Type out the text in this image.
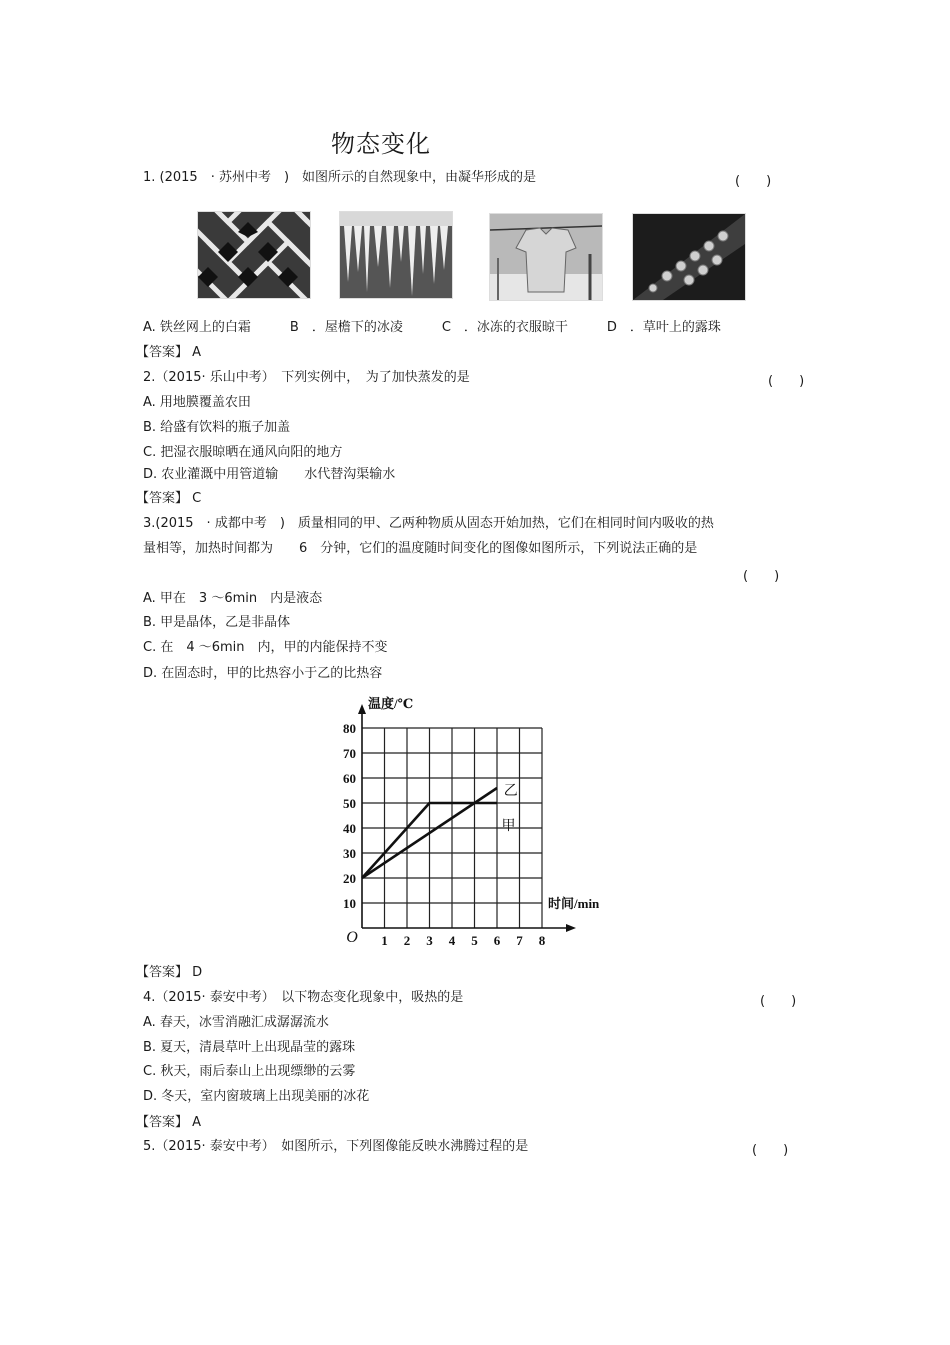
物态变化
1. (2015　· 苏州中考　)　如图所示的自然现象中，由凝华形成的是	(　　)
A. 铁丝网上的白霜　　　B　．屋檐下的冰凌　　　C　．冰冻的衣服晾干　　　D　．草叶上的露珠
【答案】 A
2.（2015· 乐山中考）　下列实例中，　为了加快蒸发的是	(　　)
A. 用地膜覆盖农田
B. 给盛有饮料的瓶子加盖
C. 把湿衣服晾晒在通风向阳的地方
D. 农业灌溉中用管道输　　水代替沟渠输水
【答案】 C
3.(2015　· 成都中考　)　质量相同的甲、乙两种物质从固态开始加热，它们在相同时间内吸收的热
量相等，加热时间都为　　6　分钟，它们的温度随时间变化的图像如图所示，下列说法正确的是
(　　)
A. 甲在　3 ～6min　内是液态
B. 甲是晶体，乙是非晶体
C. 在　4 ～6min　内，甲的内能保持不变
D. 在固态时，甲的比热容小于乙的比热容
1 2 3 4 5 6 7 8
10
20
30
40
50
60
70
80
O
温度/℃
时间/min
甲
乙
【答案】 D
4.（2015· 泰安中考）　以下物态变化现象中，吸热的是	(　　)
A. 春天，冰雪消融汇成潺潺流水
B. 夏天，清晨草叶上出现晶莹的露珠
C. 秋天，雨后泰山上出现缥缈的云雾
D. 冬天，室内窗玻璃上出现美丽的冰花
【答案】 A
5.（2015· 泰安中考）　如图所示，下列图像能反映水沸腾过程的是	(　　)
